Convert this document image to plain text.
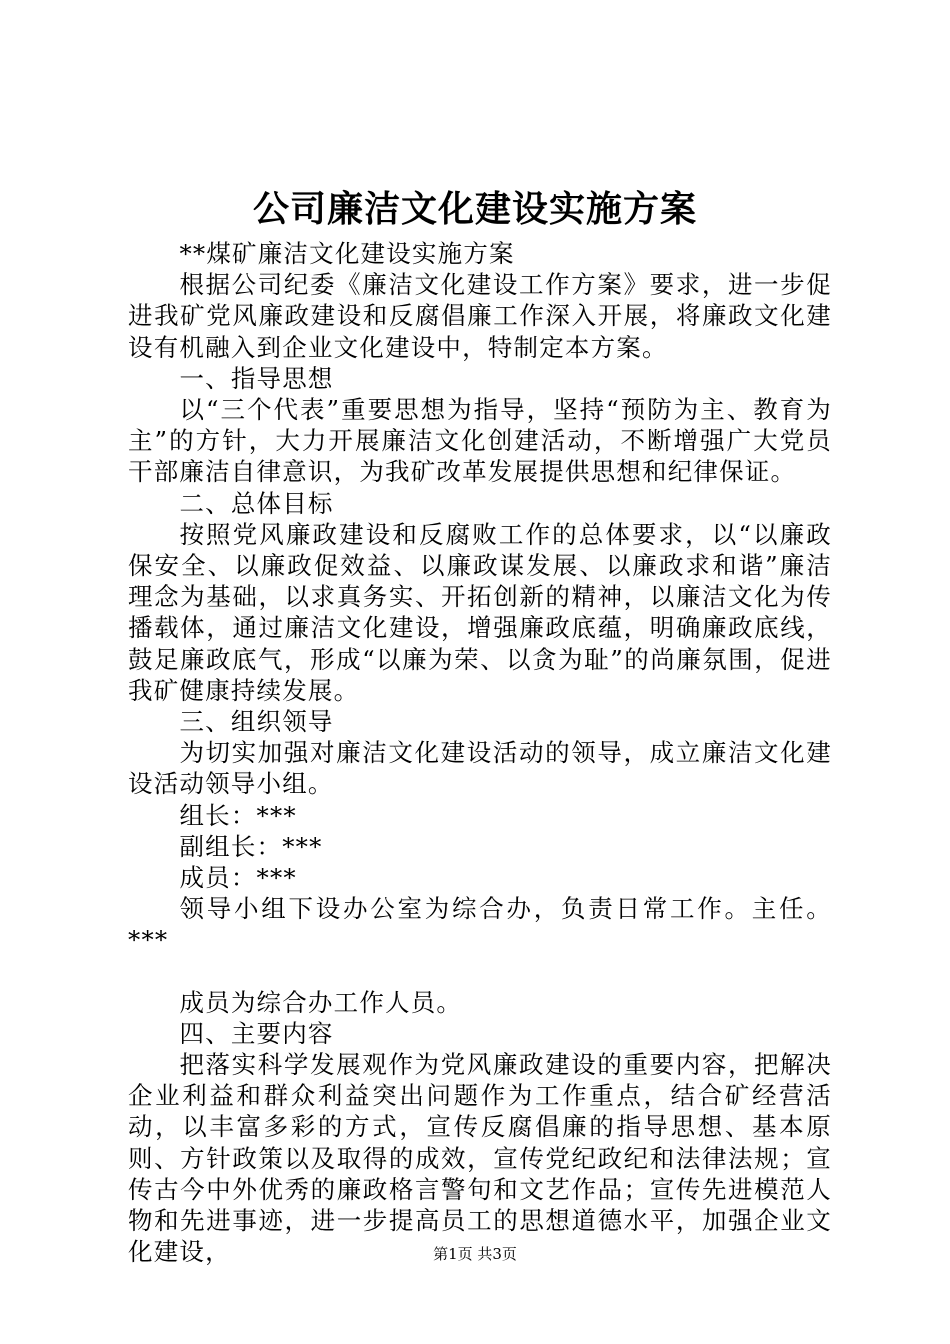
公司廉洁文化建设实施方案

**煤矿廉洁文化建设实施方案

根据公司纪委《廉洁文化建设工作方案》要求，进一步促进我矿党风廉政建设和反腐倡廉工作深入开展，将廉政文化建设有机融入到企业文化建设中，特制定本方案。

一、指导思想

以“三个代表”重要思想为指导，坚持“预防为主、教育为主”的方针，大力开展廉洁文化创建活动，不断增强广大党员干部廉洁自律意识，为我矿改革发展提供思想和纪律保证。

二、总体目标

按照党风廉政建设和反腐败工作的总体要求，以“以廉政保安全、以廉政促效益、以廉政谋发展、以廉政求和谐”廉洁理念为基础，以求真务实、开拓创新的精神，以廉洁文化为传播载体，通过廉洁文化建设，增强廉政底蕴，明确廉政底线，鼓足廉政底气，形成“以廉为荣、以贪为耻”的尚廉氛围，促进我矿健康持续发展。

三、组织领导

为切实加强对廉洁文化建设活动的领导，成立廉洁文化建设活动领导小组。

组长：***

副组长：***

成员：***

领导小组下设办公室为综合办，负责日常工作。主任。***

成员为综合办工作人员。

四、主要内容

把落实科学发展观作为党风廉政建设的重要内容，把解决企业利益和群众利益突出问题作为工作重点，结合矿经营活动，以丰富多彩的方式，宣传反腐倡廉的指导思想、基本原则、方针政策以及取得的成效，宣传党纪政纪和法律法规；宣传古今中外优秀的廉政格言警句和文艺作品；宣传先进模范人物和先进事迹，进一步提高员工的思想道德水平，加强企业文化建设，	第1页 共3页
